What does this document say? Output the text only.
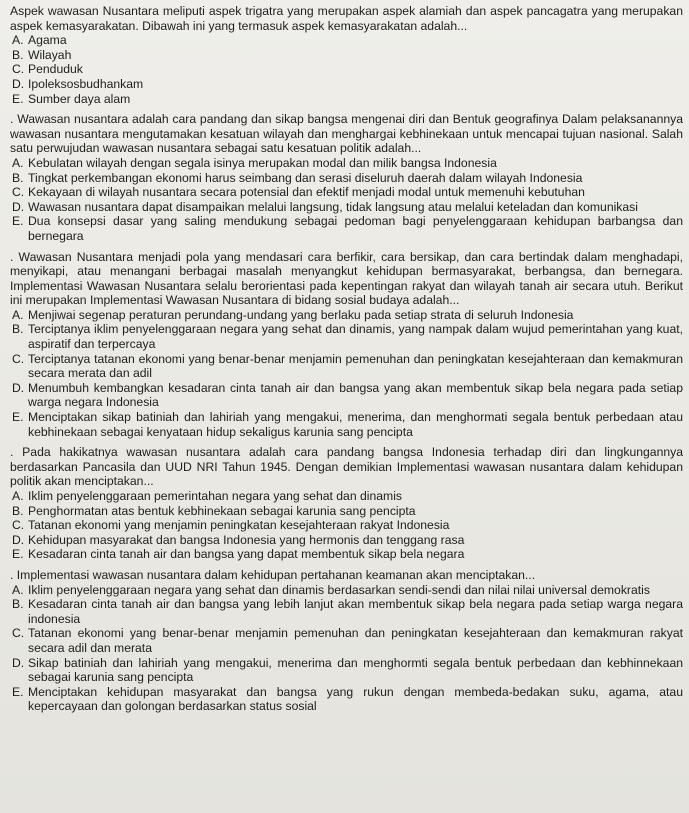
Aspek wawasan Nusantara meliputi aspek trigatra yang merupakan aspek alamiah dan aspek pancagatra yang merupakan aspek kemasyarakatan. Dibawah ini yang termasuk aspek kemasyarakatan adalah...

A. Agama
B. Wilayah
C. Penduduk
D. Ipoleksosbudhankam
E. Sumber daya alam

. Wawasan nusantara adalah cara pandang dan sikap bangsa mengenai diri dan Bentuk geografinya Dalam pelaksanannya wawasan nusantara mengutamakan kesatuan wilayah dan menghargai kebhinekaan untuk mencapai tujuan nasional. Salah satu perwujudan wawasan nusantara sebagai satu kesatuan politik adalah...

A. Kebulatan wilayah dengan segala isinya merupakan modal dan milik bangsa Indonesia
B. Tingkat perkembangan ekonomi harus seimbang dan serasi diseluruh daerah dalam wilayah Indonesia
C. Kekayaan di wilayah nusantara secara potensial dan efektif menjadi modal untuk memenuhi kebutuhan
D. Wawasan nusantara dapat disampaikan melalui langsung, tidak langsung atau melalui keteladan dan komunikasi
E. Dua konsepsi dasar yang saling mendukung sebagai pedoman bagi penyelenggaraan kehidupan barbangsa dan bernegara

. Wawasan Nusantara menjadi pola yang mendasari cara berfikir, cara bersikap, dan cara bertindak dalam menghadapi, menyikapi, atau menangani berbagai masalah menyangkut kehidupan bermasyarakat, berbangsa, dan bernegara. Implementasi Wawasan Nusantara selalu berorientasi pada kepentingan rakyat dan wilayah tanah air secara utuh. Berikut ini merupakan Implementasi Wawasan Nusantara di bidang sosial budaya adalah...

A. Menjiwai segenap peraturan perundang-undang yang berlaku pada setiap strata di seluruh Indonesia
B. Terciptanya iklim penyelenggaraan negara yang sehat dan dinamis, yang nampak dalam wujud pemerintahan yang kuat, aspiratif dan terpercaya
C. Terciptanya tatanan ekonomi yang benar-benar menjamin pemenuhan dan peningkatan kesejahteraan dan kemakmuran secara merata dan adil
D. Menumbuh kembangkan kesadaran cinta tanah air dan bangsa yang akan membentuk sikap bela negara pada setiap warga negara Indonesia
E. Menciptakan sikap batiniah dan lahiriah yang mengakui, menerima, dan menghormati segala bentuk perbedaan atau kebhinekaan sebagai kenyataan hidup sekaligus karunia sang pencipta

. Pada hakikatnya wawasan nusantara adalah cara pandang bangsa Indonesia terhadap diri dan lingkungannya berdasarkan Pancasila dan UUD NRI Tahun 1945. Dengan demikian Implementasi wawasan nusantara dalam kehidupan politik akan menciptakan...

A. Iklim penyelenggaraan pemerintahan negara yang sehat dan dinamis
B. Penghormatan atas bentuk kebhinekaan sebagai karunia sang pencipta
C. Tatanan ekonomi yang menjamin peningkatan kesejahteraan rakyat Indonesia
D. Kehidupan masyarakat dan bangsa Indonesia yang hermonis dan tenggang rasa
E. Kesadaran cinta tanah air dan bangsa yang dapat membentuk sikap bela negara

. Implementasi wawasan nusantara dalam kehidupan pertahanan keamanan akan menciptakan...

A. Iklim penyelenggaraan negara yang sehat dan dinamis berdasarkan sendi-sendi dan nilai nilai universal demokratis
B. Kesadaran cinta tanah air dan bangsa yang lebih lanjut akan membentuk sikap bela negara pada setiap warga negara indonesia
C. Tatanan ekonomi yang benar-benar menjamin pemenuhan dan peningkatan kesejahteraan dan kemakmuran rakyat secara adil dan merata
D. Sikap batiniah dan lahiriah yang mengakui, menerima dan menghormti segala bentuk perbedaan dan kebhinnekaan sebagai karunia sang pencipta
E. Menciptakan kehidupan masyarakat dan bangsa yang rukun dengan membeda-bedakan suku, agama, atau kepercayaan dan golongan berdasarkan status sosial
